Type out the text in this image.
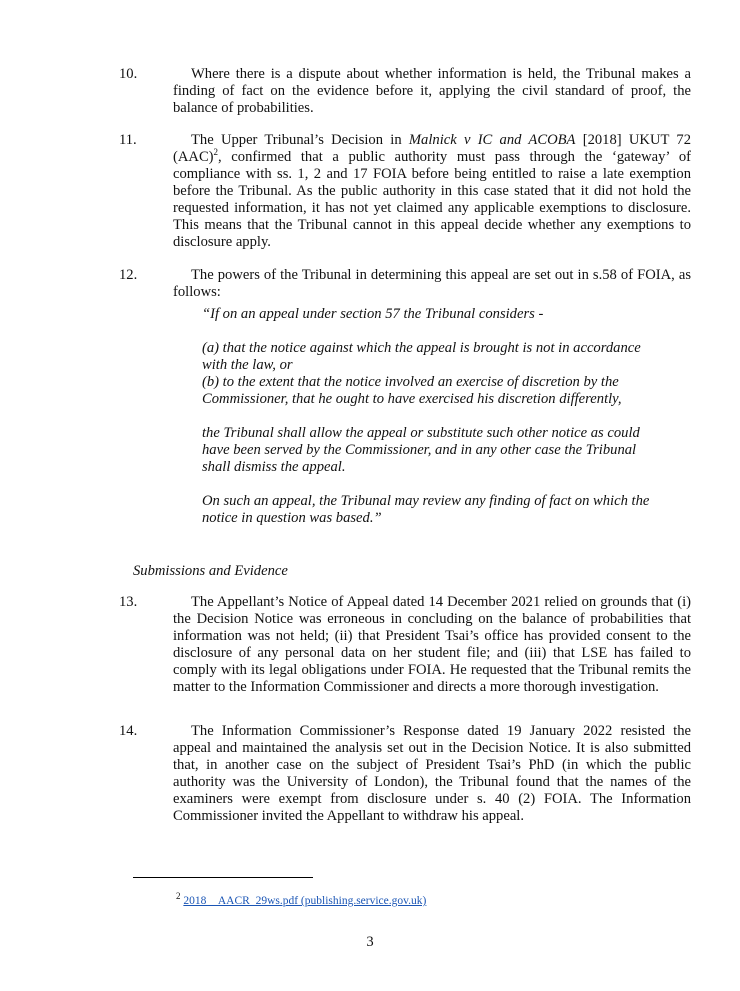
10.	Where there is a dispute about whether information is held, the Tribunal makes a finding of fact on the evidence before it, applying the civil standard of proof, the balance of probabilities.
11.	The Upper Tribunal’s Decision in Malnick v IC and ACOBA [2018] UKUT 72 (AAC)$^2$, confirmed that a public authority must pass through the ‘gateway’ of compliance with ss. 1, 2 and 17 FOIA before being entitled to raise a late exemption before the Tribunal. As the public authority in this case stated that it did not hold the requested information, it has not yet claimed any applicable exemptions to disclosure. This means that the Tribunal cannot in this appeal decide whether any exemptions to disclosure apply.
12.	The powers of the Tribunal in determining this appeal are set out in s.58 of FOIA, as follows:

“If on an appeal under section 57 the Tribunal considers -

(a) that the notice against which the appeal is brought is not in accordance with the law, or

(b) to the extent that the notice involved an exercise of discretion by the Commissioner, that he ought to have exercised his discretion differently,

the Tribunal shall allow the appeal or substitute such other notice as could have been served by the Commissioner, and in any other case the Tribunal shall dismiss the appeal.

On such an appeal, the Tribunal may review any finding of fact on which the notice in question was based.”

Submissions and Evidence
13.	The Appellant’s Notice of Appeal dated 14 December 2021 relied on grounds that (i) the Decision Notice was erroneous in concluding on the balance of probabilities that information was not held; (ii) that President Tsai’s office has provided consent to the disclosure of any personal data on her student file; and (iii) that LSE has failed to comply with its legal obligations under FOIA. He requested that the Tribunal remits the matter to the Information Commissioner and directs a more thorough investigation.
14.	The Information Commissioner’s Response dated 19 January 2022 resisted the appeal and maintained the analysis set out in the Decision Notice. It is also submitted that, in another case on the subject of President Tsai’s PhD (in which the public authority was the University of London), the Tribunal found that the names of the examiners were exempt from disclosure under s. 40 (2) FOIA. The Information Commissioner invited the Appellant to withdraw his appeal.
$^2$ 2018__AACR_29ws.pdf (publishing.service.gov.uk)
3
